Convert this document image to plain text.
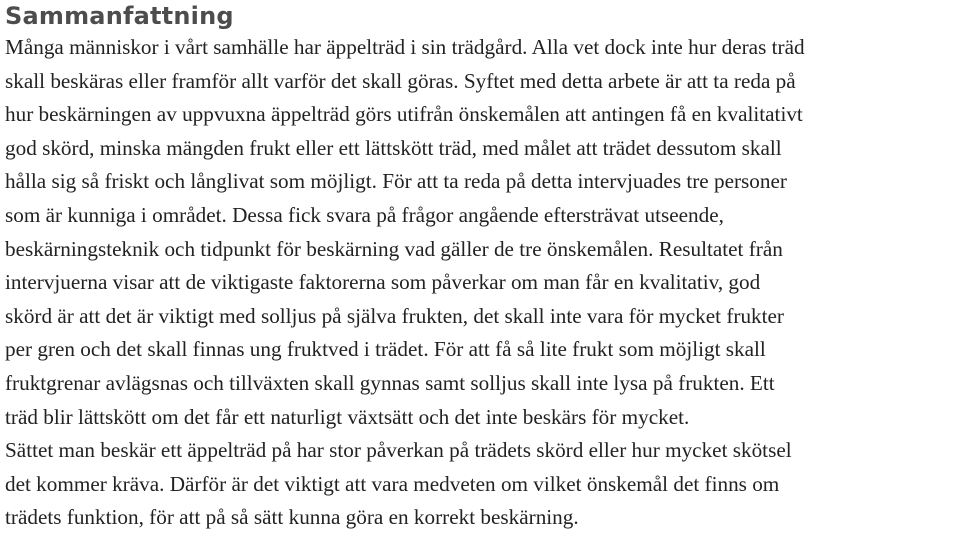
Sammanfattning

Många människor i vårt samhälle har äppelträd i sin trädgård. Alla vet dock inte hur deras träd
skall beskäras eller framför allt varför det skall göras. Syftet med detta arbete är att ta reda på
hur beskärningen av uppvuxna äppelträd görs utifrån önskemålen att antingen få en kvalitativt
god skörd, minska mängden frukt eller ett lättskött träd, med målet att trädet dessutom skall
hålla sig så friskt och långlivat som möjligt. För att ta reda på detta intervjuades tre personer
som är kunniga i området. Dessa fick svara på frågor angående eftersträvat utseende,
beskärningsteknik och tidpunkt för beskärning vad gäller de tre önskemålen. Resultatet från
intervjuerna visar att de viktigaste faktorerna som påverkar om man får en kvalitativ, god
skörd är att det är viktigt med solljus på själva frukten, det skall inte vara för mycket frukter
per gren och det skall finnas ung fruktved i trädet. För att få så lite frukt som möjligt skall
fruktgrenar avlägsnas och tillväxten skall gynnas samt solljus skall inte lysa på frukten. Ett
träd blir lättskött om det får ett naturligt växtsätt och det inte beskärs för mycket.

Sättet man beskär ett äppelträd på har stor påverkan på trädets skörd eller hur mycket skötsel
det kommer kräva. Därför är det viktigt att vara medveten om vilket önskemål det finns om
trädets funktion, för att på så sätt kunna göra en korrekt beskärning.
